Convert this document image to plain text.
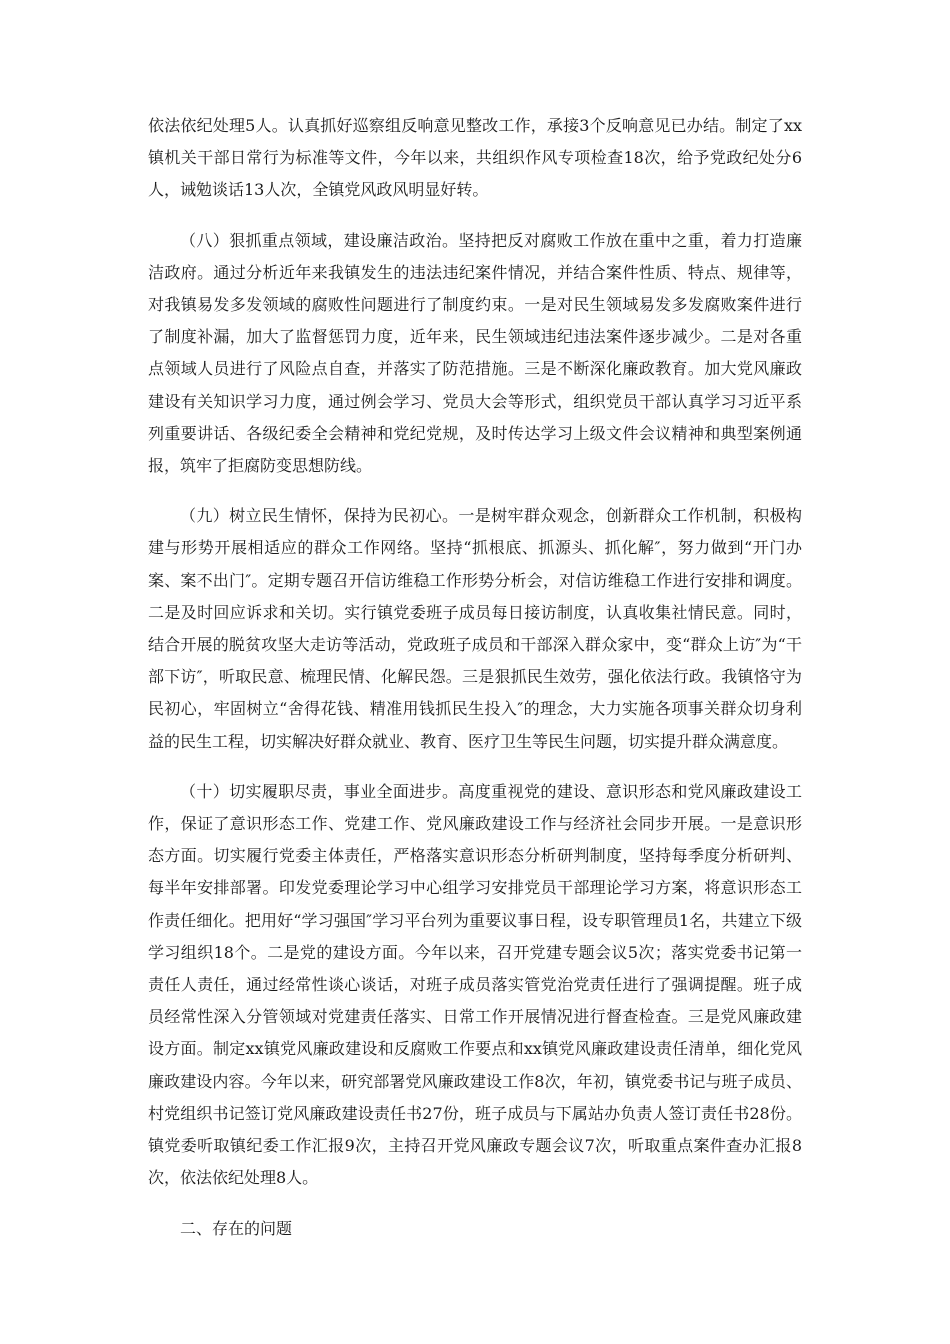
依法依纪处理5人。认真抓好巡察组反响意见整改工作，承接3个反响意见已办结。制定了xx镇机关干部日常行为标准等文件，今年以来，共组织作风专项检查18次，给予党政纪处分6人，诫勉谈话13人次，全镇党风政风明显好转。

（八）狠抓重点领域，建设廉洁政治。坚持把反对腐败工作放在重中之重，着力打造廉洁政府。通过分析近年来我镇发生的违法违纪案件情况，并结合案件性质、特点、规律等，对我镇易发多发领域的腐败性问题进行了制度约束。一是对民生领域易发多发腐败案件进行了制度补漏，加大了监督惩罚力度，近年来，民生领域违纪违法案件逐步减少。二是对各重点领域人员进行了风险点自查，并落实了防范措施。三是不断深化廉政教育。加大党风廉政建设有关知识学习力度，通过例会学习、党员大会等形式，组织党员干部认真学习习近平系列重要讲话、各级纪委全会精神和党纪党规，及时传达学习上级文件会议精神和典型案例通报，筑牢了拒腐防变思想防线。

（九）树立民生情怀，保持为民初心。一是树牢群众观念，创新群众工作机制，积极构建与形势开展相适应的群众工作网络。坚持“抓根底、抓源头、抓化解″，努力做到“开门办案、案不出门″。定期专题召开信访维稳工作形势分析会，对信访维稳工作进行安排和调度。二是及时回应诉求和关切。实行镇党委班子成员每日接访制度，认真收集社情民意。同时，结合开展的脱贫攻坚大走访等活动，党政班子成员和干部深入群众家中，变“群众上访″为“干部下访″，听取民意、梳理民情、化解民怨。三是狠抓民生效劳，强化依法行政。我镇恪守为民初心，牢固树立“舍得花钱、精准用钱抓民生投入″的理念，大力实施各项事关群众切身利益的民生工程，切实解决好群众就业、教育、医疗卫生等民生问题，切实提升群众满意度。

（十）切实履职尽责，事业全面进步。高度重视党的建设、意识形态和党风廉政建设工作，保证了意识形态工作、党建工作、党风廉政建设工作与经济社会同步开展。一是意识形态方面。切实履行党委主体责任，严格落实意识形态分析研判制度，坚持每季度分析研判、每半年安排部署。印发党委理论学习中心组学习安排党员干部理论学习方案，将意识形态工作责任细化。把用好“学习强国″学习平台列为重要议事日程，设专职管理员1名，共建立下级学习组织18个。二是党的建设方面。今年以来，召开党建专题会议5次；落实党委书记第一责任人责任，通过经常性谈心谈话，对班子成员落实管党治党责任进行了强调提醒。班子成员经常性深入分管领域对党建责任落实、日常工作开展情况进行督查检查。三是党风廉政建设方面。制定xx镇党风廉政建设和反腐败工作要点和xx镇党风廉政建设责任清单，细化党风廉政建设内容。今年以来，研究部署党风廉政建设工作8次，年初，镇党委书记与班子成员、村党组织书记签订党风廉政建设责任书27份，班子成员与下属站办负责人签订责任书28份。镇党委听取镇纪委工作汇报9次，主持召开党风廉政专题会议7次，听取重点案件查办汇报8次，依法依纪处理8人。

二、存在的问题
